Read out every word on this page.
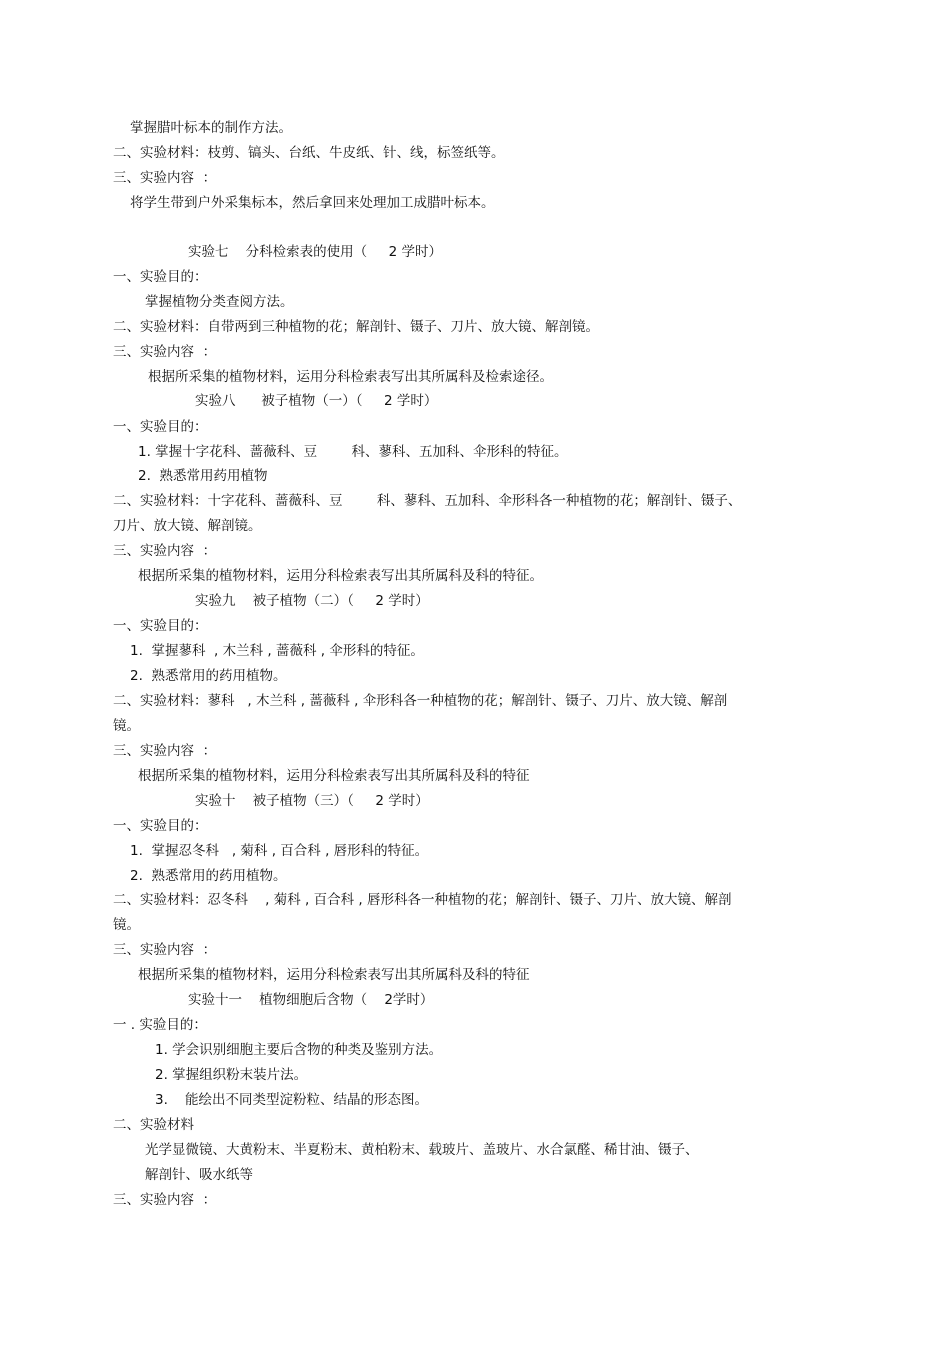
掌握腊叶标本的制作方法。
二、实验材料：枝剪、镐头、台纸、牛皮纸、针、线，标签纸等。
三、实验内容  ：
将学生带到户外采集标本，然后拿回来处理加工成腊叶标本。
实验七    分科检索表的使用（     2 学时）
一、实验目的：
掌握植物分类查阅方法。
二、实验材料：自带两到三种植物的花；解剖针、镊子、刀片、放大镜、解剖镜。
三、实验内容  ：
根据所采集的植物材料，运用分科检索表写出其所属科及检索途径。
实验八      被子植物（一）（     2 学时）
一、实验目的：
1. 掌握十字花科、蔷薇科、豆        科、蓼科、五加科、伞形科的特征。
2.  熟悉常用药用植物
二、实验材料：十字花科、蔷薇科、豆        科、蓼科、五加科、伞形科各一种植物的花；解剖针、镊子、
刀片、放大镜、解剖镜。
三、实验内容  ：
根据所采集的植物材料，运用分科检索表写出其所属科及科的特征。
实验九    被子植物（二）（     2 学时）
一、实验目的：
1.  掌握蓼科  , 木兰科 , 蔷薇科 , 伞形科的特征。
2.  熟悉常用的药用植物。
二、实验材料：蓼科   , 木兰科 , 蔷薇科 , 伞形科各一种植物的花；解剖针、镊子、刀片、放大镜、解剖
镜。
三、实验内容  ：
根据所采集的植物材料，运用分科检索表写出其所属科及科的特征
实验十    被子植物（三）（     2 学时）
一、实验目的：
1.  掌握忍冬科   , 菊科 , 百合科 , 唇形科的特征。
2.  熟悉常用的药用植物。
二、实验材料：忍冬科    , 菊科 , 百合科 , 唇形科各一种植物的花；解剖针、镊子、刀片、放大镜、解剖
镜。
三、实验内容  ：
根据所采集的植物材料，运用分科检索表写出其所属科及科的特征
实验十一    植物细胞后含物（    2学时）
一 . 实验目的：
1. 学会识别细胞主要后含物的种类及鉴别方法。
2. 掌握组织粉末装片法。
3.    能绘出不同类型淀粉粒、结晶的形态图。
二、实验材料
光学显微镜、大黄粉末、半夏粉末、黄柏粉末、载玻片、盖玻片、水合氯醛、稀甘油、镊子、
解剖针、吸水纸等
三、实验内容  ：
